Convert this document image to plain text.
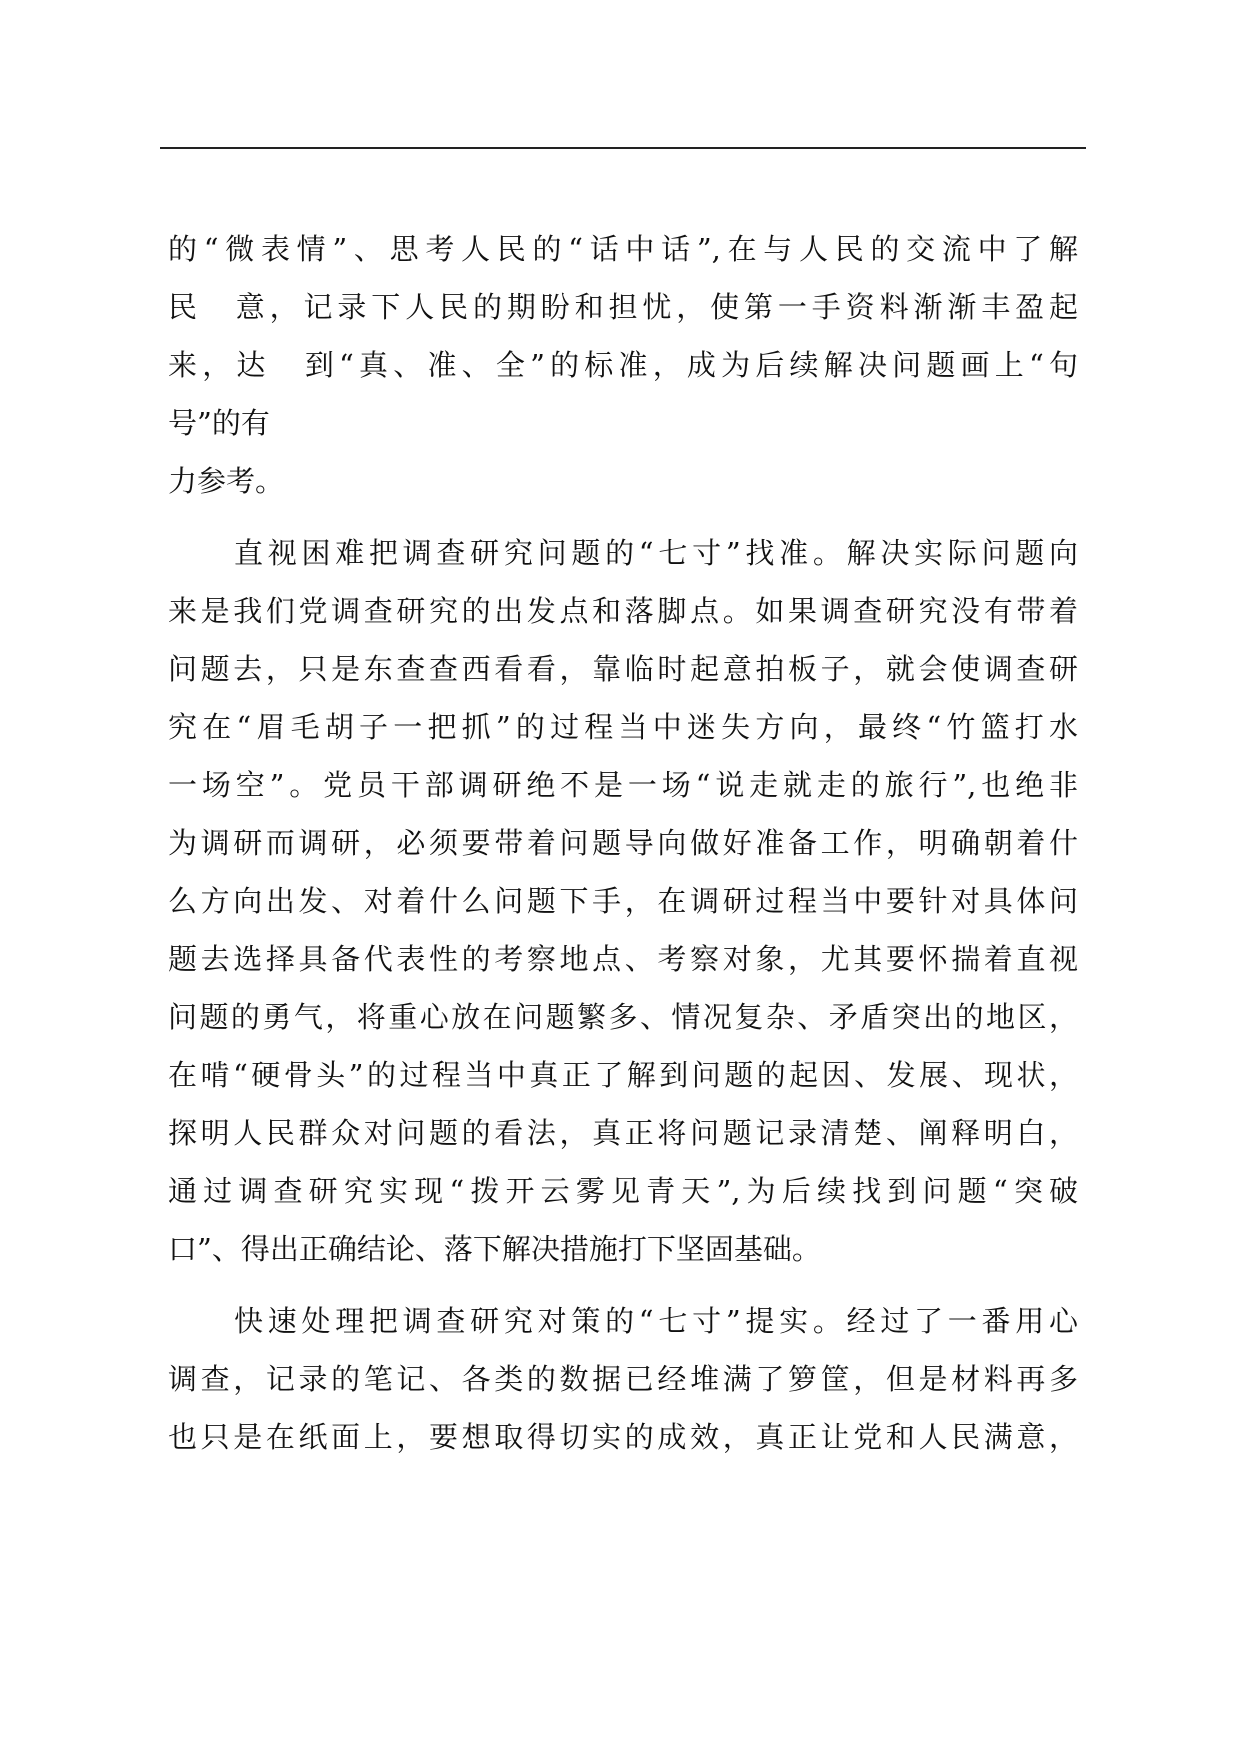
的“微表情”、思考人民的“话中话”,在与人民的交流中了解
民　意，记录下人民的期盼和担忧，使第一手资料渐渐丰盈起
来，达　到“真、准、全”的标准，成为后续解决问题画上“句
号”的有
力参考。
直视困难把调查研究问题的“七寸”找准。解决实际问题向
来是我们党调查研究的出发点和落脚点。如果调查研究没有带着
问题去，只是东查查西看看，靠临时起意拍板子，就会使调查研
究在“眉毛胡子一把抓”的过程当中迷失方向，最终“竹篮打水
一场空”。党员干部调研绝不是一场“说走就走的旅行”,也绝非
为调研而调研，必须要带着问题导向做好准备工作，明确朝着什
么方向出发、对着什么问题下手，在调研过程当中要针对具体问
题去选择具备代表性的考察地点、考察对象，尤其要怀揣着直视
问题的勇气，将重心放在问题繁多、情况复杂、矛盾突出的地区，
在啃“硬骨头”的过程当中真正了解到问题的起因、发展、现状，
探明人民群众对问题的看法，真正将问题记录清楚、阐释明白，
通过调查研究实现“拨开云雾见青天”,为后续找到问题“突破
口”、得出正确结论、落下解决措施打下坚固基础。
快速处理把调查研究对策的“七寸”提实。经过了一番用心
调查，记录的笔记、各类的数据已经堆满了箩筐，但是材料再多
也只是在纸面上，要想取得切实的成效，真正让党和人民满意，
